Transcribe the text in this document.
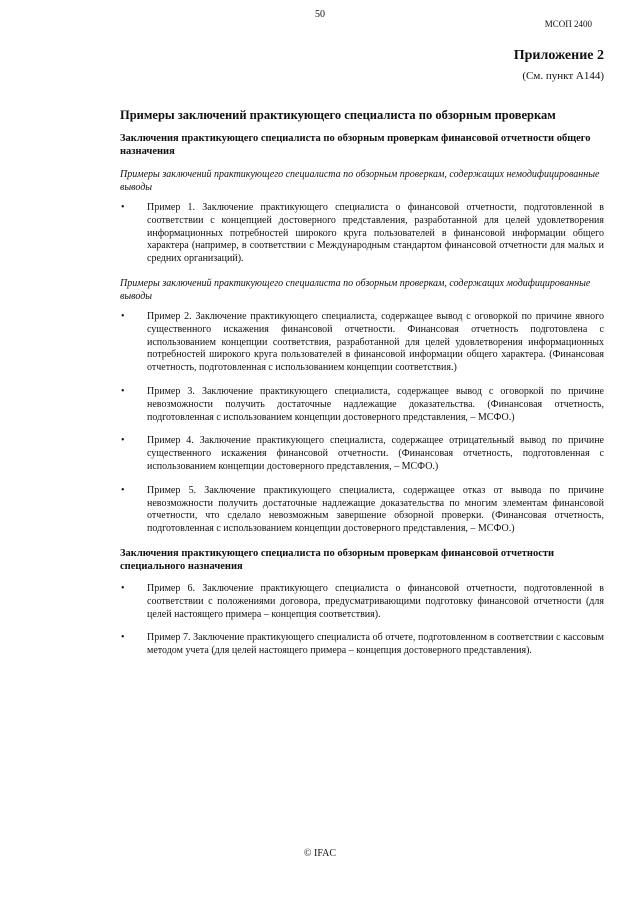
50
МСОП 2400
Приложение 2
(См. пункт А144)
Примеры заключений практикующего специалиста по обзорным проверкам
Заключения практикующего специалиста по обзорным проверкам финансовой отчетности общего назначения
Примеры заключений практикующего специалиста по обзорным проверкам, содержащих немодифицированные выводы
• Пример 1. Заключение практикующего специалиста о финансовой отчетности, подготовленной в соответствии с концепцией достоверного представления, разработанной для целей удовлетворения информационных потребностей широкого круга пользователей в финансовой информации общего характера (например, в соответствии с Международным стандартом финансовой отчетности для малых и средних организаций).
Примеры заключений практикующего специалиста по обзорным проверкам, содержащих модифицированные выводы
• Пример 2. Заключение практикующего специалиста, содержащее вывод с оговоркой по причине явного существенного искажения финансовой отчетности. Финансовая отчетность подготовлена с использованием концепции соответствия, разработанной для целей удовлетворения информационных потребностей широкого круга пользователей в финансовой информации общего характера. (Финансовая отчетность, подготовленная с использованием концепции соответствия.)
• Пример 3. Заключение практикующего специалиста, содержащее вывод с оговоркой по причине невозможности получить достаточные надлежащие доказательства. (Финансовая отчетность, подготовленная с использованием концепции достоверного представления, – МСФО.)
• Пример 4. Заключение практикующего специалиста, содержащее отрицательный вывод по причине существенного искажения финансовой отчетности. (Финансовая отчетность, подготовленная с использованием концепции достоверного представления, – МСФО.)
• Пример 5. Заключение практикующего специалиста, содержащее отказ от вывода по причине невозможности получить достаточные надлежащие доказательства по многим элементам финансовой отчетности, что сделало невозможным завершение обзорной проверки. (Финансовая отчетность, подготовленная с использованием концепции достоверного представления, – МСФО.)
Заключения практикующего специалиста по обзорным проверкам финансовой отчетности специального назначения
• Пример 6. Заключение практикующего специалиста о финансовой отчетности, подготовленной в соответствии с положениями договора, предусматривающими подготовку финансовой отчетности (для целей настоящего примера – концепция соответствия).
• Пример 7. Заключение практикующего специалиста об отчете, подготовленном в соответствии с кассовым методом учета (для целей настоящего примера – концепция достоверного представления).
© IFAC
